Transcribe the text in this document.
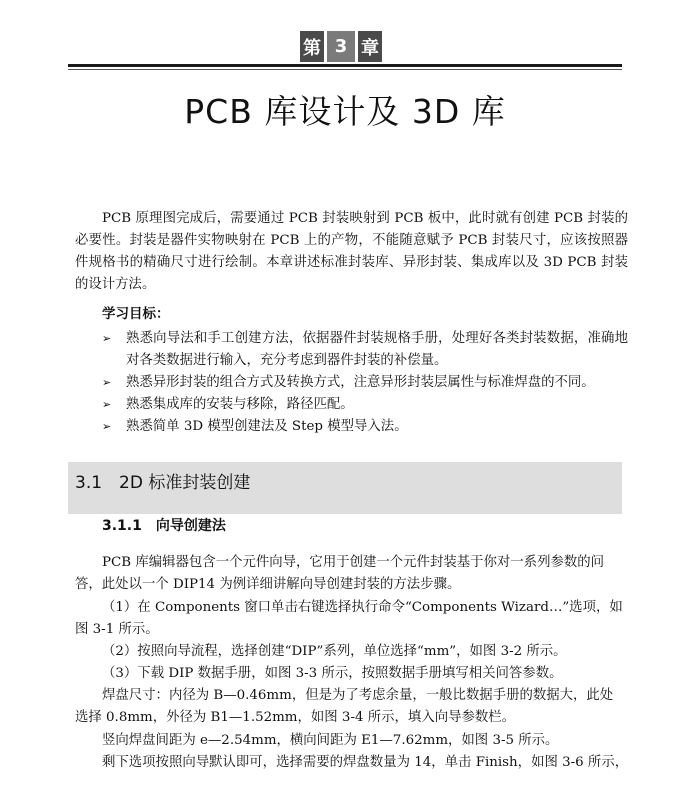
第 3 章
PCB 库设计及 3D 库

PCB 原理图完成后，需要通过 PCB 封装映射到 PCB 板中，此时就有创建 PCB 封装的必要性。封装是器件实物映射在 PCB 上的产物，不能随意赋予 PCB 封装尺寸，应该按照器件规格书的精确尺寸进行绘制。本章讲述标准封装库、异形封装、集成库以及 3D PCB 封装的设计方法。

学习目标：
➢	熟悉向导法和手工创建方法，依据器件封装规格手册，处理好各类封装数据，准确地对各类数据进行输入，充分考虑到器件封装的补偿量。
➢	熟悉异形封装的组合方式及转换方式，注意异形封装层属性与标准焊盘的不同。
➢	熟悉集成库的安装与移除，路径匹配。
➢	熟悉简单 3D 模型创建法及 Step 模型导入法。
3.1　2D 标准封装创建
3.1.1　向导创建法
PCB 库编辑器包含一个元件向导，它用于创建一个元件封装基于你对一系列参数的问
答，此处以一个 DIP14 为例详细讲解向导创建封装的方法步骤。
（1）在 Components 窗口单击右键选择执行命令“Components Wizard…”选项，如
图 3-1 所示。
（2）按照向导流程，选择创建“DIP”系列，单位选择“mm”，如图 3-2 所示。
（3）下载 DIP 数据手册，如图 3-3 所示，按照数据手册填写相关问答参数。
焊盘尺寸：内径为 B—0.46mm，但是为了考虑余量，一般比数据手册的数据大，此处
选择 0.8mm，外径为 B1—1.52mm，如图 3-4 所示，填入向导参数栏。
竖向焊盘间距为 e—2.54mm，横向间距为 E1—7.62mm，如图 3-5 所示。
剩下选项按照向导默认即可，选择需要的焊盘数量为 14，单击 Finish，如图 3-6 所示，
